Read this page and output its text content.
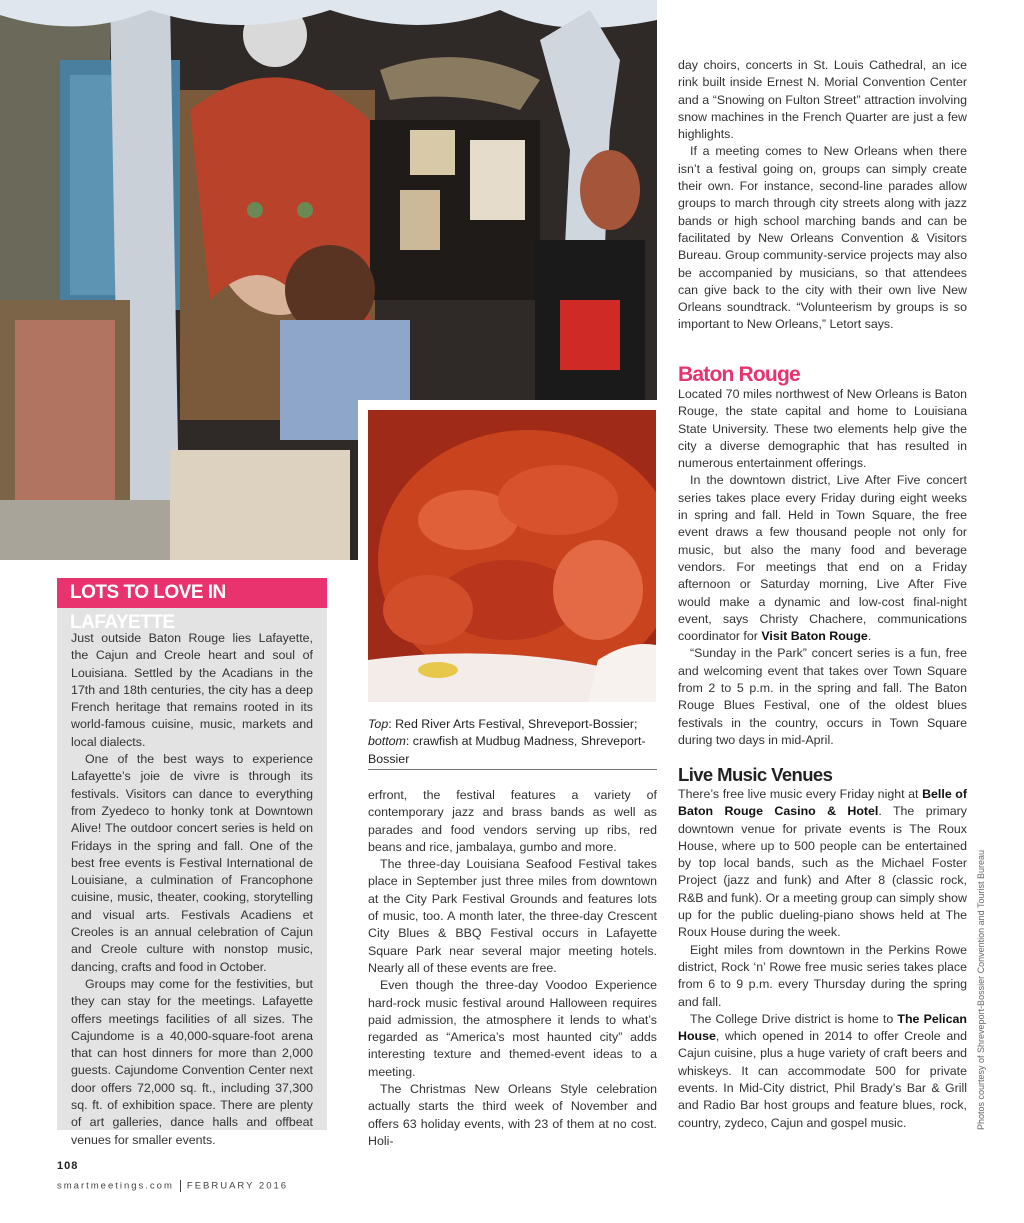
Top: Red River Arts Festival, Shreveport-Bossier; bottom: crawfish at Mudbug Madness, Shreveport-Bossier
LOTS TO LOVE IN LAFAYETTE

Just outside Baton Rouge lies Lafayette, the Cajun and Creole heart and soul of Louisiana. Settled by the Acadians in the 17th and 18th centuries, the city has a deep French heritage that remains rooted in its world-famous cuisine, music, markets and local dialects.

One of the best ways to experience Lafayette’s joie de vivre is through its festivals. Visitors can dance to everything from Zyedeco to honky tonk at Downtown Alive! The outdoor concert series is held on Fridays in the spring and fall. One of the best free events is Festival International de Louisiane, a culmination of Francophone cuisine, music, theater, cooking, storytelling and visual arts. Festivals Acadiens et Creoles is an annual celebration of Cajun and Creole culture with nonstop music, dancing, crafts and food in October.

Groups may come for the festivities, but they can stay for the meetings. Lafayette offers meetings facilities of all sizes. The Cajundome is a 40,000-square-foot arena that can host dinners for more than 2,000 guests. Cajundome Convention Center next door offers 72,000 sq. ft., including 37,300 sq. ft. of exhibition space. There are plenty of art galleries, dance halls and offbeat venues for smaller events.

erfront, the festival features a variety of contemporary jazz and brass bands as well as parades and food vendors serving up ribs, red beans and rice, jambalaya, gumbo and more.

The three-day Louisiana Seafood Festival takes place in September just three miles from downtown at the City Park Festival Grounds and features lots of music, too. A month later, the three-day Crescent City Blues & BBQ Festival occurs in Lafayette Square Park near several major meeting hotels. Nearly all of these events are free.

Even though the three-day Voodoo Experience hard-rock music festival around Halloween requires paid admission, the atmosphere it lends to what’s regarded as “America’s most haunted city” adds interesting texture and themed-event ideas to a meeting.

The Christmas New Orleans Style celebration actually starts the third week of November and offers 63 holiday events, with 23 of them at no cost. Holi-

day choirs, concerts in St. Louis Cathedral, an ice rink built inside Ernest N. Morial Convention Center and a “Snowing on Fulton Street” attraction involving snow machines in the French Quarter are just a few highlights.

If a meeting comes to New Orleans when there isn’t a festival going on, groups can simply create their own. For instance, second-line parades allow groups to march through city streets along with jazz bands or high school marching bands and can be facilitated by New Orleans Convention & Visitors Bureau. Group community-service projects may also be accompanied by musicians, so that attendees can give back to the city with their own live New Orleans soundtrack. “Volunteerism by groups is so important to New Orleans,” Letort says.

Baton Rouge

Located 70 miles northwest of New Orleans is Baton Rouge, the state capital and home to Louisiana State University. These two elements help give the city a diverse demographic that has resulted in numerous entertainment offerings.

In the downtown district, Live After Five concert series takes place every Friday during eight weeks in spring and fall. Held in Town Square, the free event draws a few thousand people not only for music, but also the many food and beverage vendors. For meetings that end on a Friday afternoon or Saturday morning, Live After Five would make a dynamic and low-cost final-night event, says Christy Chachere, communications coordinator for Visit Baton Rouge.

“Sunday in the Park” concert series is a fun, free and welcoming event that takes over Town Square from 2 to 5 p.m. in the spring and fall. The Baton Rouge Blues Festival, one of the oldest blues festivals in the country, occurs in Town Square during two days in mid-April.

Live Music Venues

There’s free live music every Friday night at Belle of Baton Rouge Casino & Hotel. The primary downtown venue for private events is The Roux House, where up to 500 people can be entertained by top local bands, such as the Michael Foster Project (jazz and funk) and After 8 (classic rock, R&B and funk). Or a meeting group can simply show up for the public dueling-piano shows held at The Roux House during the week.

Eight miles from downtown in the Perkins Rowe district, Rock ‘n’ Rowe free music series takes place from 6 to 9 p.m. every Thursday during the spring and fall.

The College Drive district is home to The Pelican House, which opened in 2014 to offer Creole and Cajun cuisine, plus a huge variety of craft beers and whiskeys. It can accommodate 500 for private events. In Mid-City district, Phil Brady’s Bar & Grill and Radio Bar host groups and feature blues, rock, country, zydeco, Cajun and gospel music.	Photos courtesy of Shreveport-Bossier Convention and Tourist Bureau
108
smartmeetings.com FEBRUARY 2016
